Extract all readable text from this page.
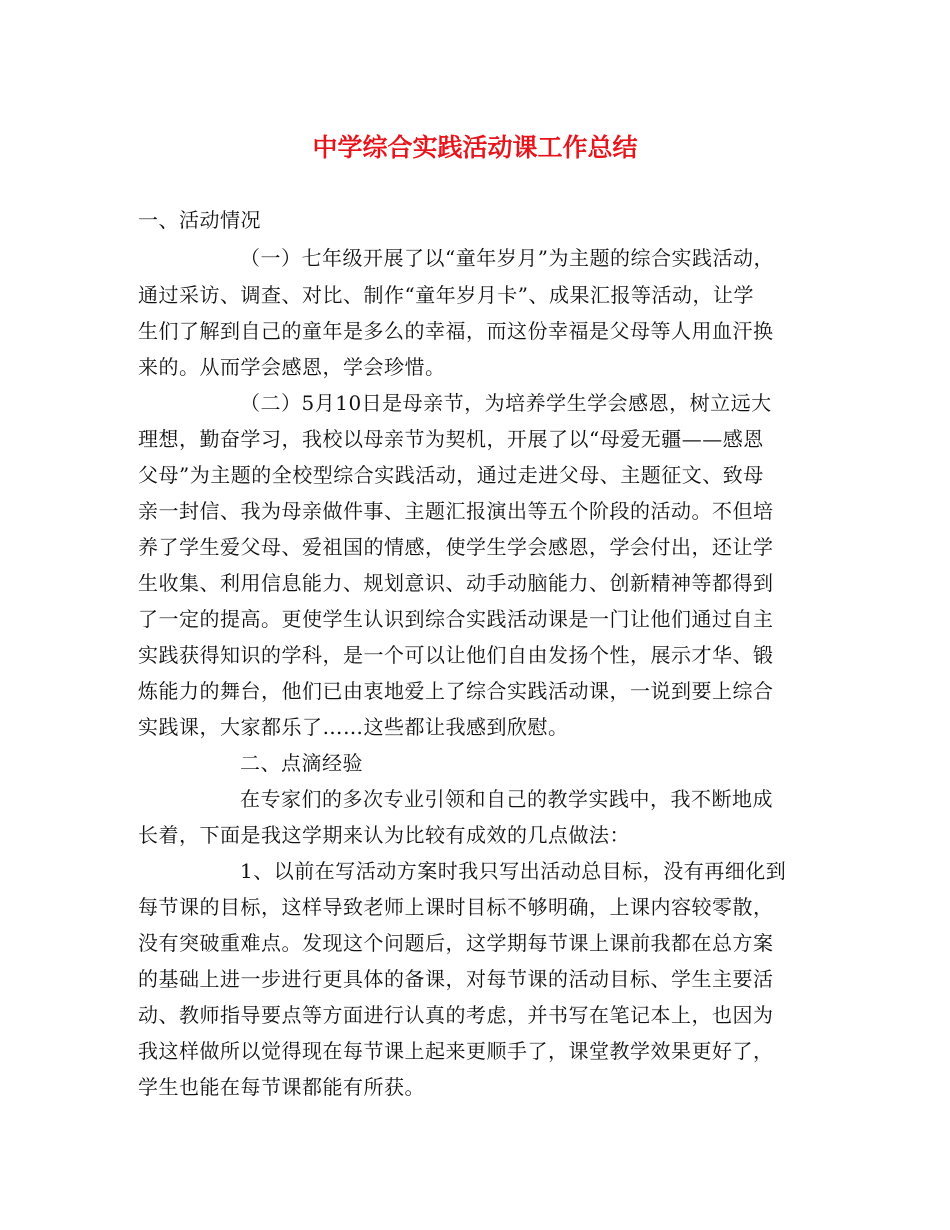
中学综合实践活动课工作总结
一、活动情况
（一）七年级开展了以“童年岁月”为主题的综合实践活动，
通过采访、调查、对比、制作“童年岁月卡”、成果汇报等活动，让学
生们了解到自己的童年是多么的幸福，而这份幸福是父母等人用血汗换
来的。从而学会感恩，学会珍惜。
（二）5月10日是母亲节，为培养学生学会感恩，树立远大
理想，勤奋学习，我校以母亲节为契机，开展了以“母爱无疆——感恩
父母”为主题的全校型综合实践活动，通过走进父母、主题征文、致母
亲一封信、我为母亲做件事、主题汇报演出等五个阶段的活动。不但培
养了学生爱父母、爱祖国的情感，使学生学会感恩，学会付出，还让学
生收集、利用信息能力、规划意识、动手动脑能力、创新精神等都得到
了一定的提高。更使学生认识到综合实践活动课是一门让他们通过自主
实践获得知识的学科，是一个可以让他们自由发扬个性，展示才华、锻
炼能力的舞台，他们已由衷地爱上了综合实践活动课，一说到要上综合
实践课，大家都乐了……这些都让我感到欣慰。
二、点滴经验
在专家们的多次专业引领和自己的教学实践中，我不断地成
长着，下面是我这学期来认为比较有成效的几点做法：
1、以前在写活动方案时我只写出活动总目标，没有再细化到
每节课的目标，这样导致老师上课时目标不够明确，上课内容较零散，
没有突破重难点。发现这个问题后，这学期每节课上课前我都在总方案
的基础上进一步进行更具体的备课，对每节课的活动目标、学生主要活
动、教师指导要点等方面进行认真的考虑，并书写在笔记本上，也因为
我这样做所以觉得现在每节课上起来更顺手了，课堂教学效果更好了，
学生也能在每节课都能有所获。
